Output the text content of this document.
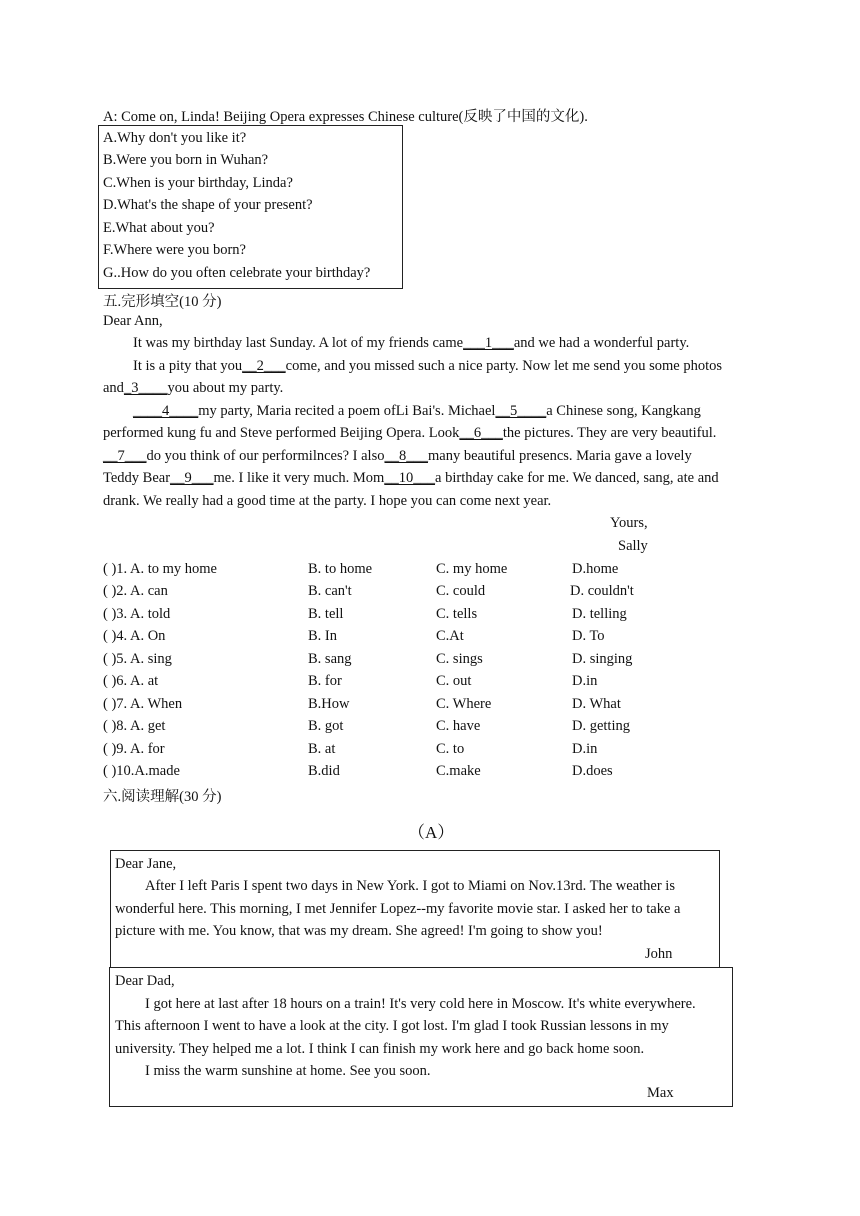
A: Come on, Linda! Beijing Opera expresses Chinese culture(反映了中国的文化).
A.Why don't you like it?
B.Were you born in Wuhan?
C.When is your birthday, Linda?
D.What's the shape of your present?
E.What about you?
F.Where were you born?
G..How do you often celebrate your birthday?
五.完形填空(10 分)
Dear Ann,
It was my birthday last Sunday. A lot of my friends came___1___and we had a wonderful party.
It is a pity that you__2___come, and you missed such a nice party. Now let me send you some photos
and_3____you about my party.
____4____my party, Maria recited a poem ofLi Bai's. Michael__5____a Chinese song, Kangkang
performed kung fu and Steve performed Beijing Opera. Look__6___the pictures. They are very beautiful.
__7___do you think of our performilnces? I also__8___many beautiful presencs. Maria gave a lovely
Teddy Bear__9___me. I like it very much. Mom__10___a birthday cake for me. We danced, sang, ate and
drank. We really had a good time at the party. I hope you can come next year.
Yours,
Sally
( )1. A. to my home	B. to home	C. my home	D.home
( )2. A. can	B. can't	C. could	D. couldn't
( )3. A. told	B. tell	C. tells	D. telling
( )4. A. On	B. In	C.At	D. To
( )5. A. sing	B. sang	C. sings	D. singing
( )6. A. at	B. for	C. out	D.in
( )7. A. When	B.How	C. Where	D. What
( )8. A. get	B. got	C. have	D. getting
( )9. A. for	B. at	C. to	D.in
( )10.A.made	B.did	C.make	D.does
六.阅读理解(30 分)
（A）
Dear Jane,
After I left Paris I spent two days in New York. I got to Miami on Nov.13rd. The weather is
wonderful here. This morning, I met Jennifer Lopez--my favorite movie star. I asked her to take a
picture with me. You know, that was my dream. She agreed! I'm going to show you!
John
Dear Dad,
I got here at last after 18 hours on a train! It's very cold here in Moscow. It's white everywhere.
This afternoon I went to have a look at the city. I got lost. I'm glad I took Russian lessons in my
university. They helped me a lot. I think I can finish my work here and go back home soon.
I miss the warm sunshine at home. See you soon.
Max
